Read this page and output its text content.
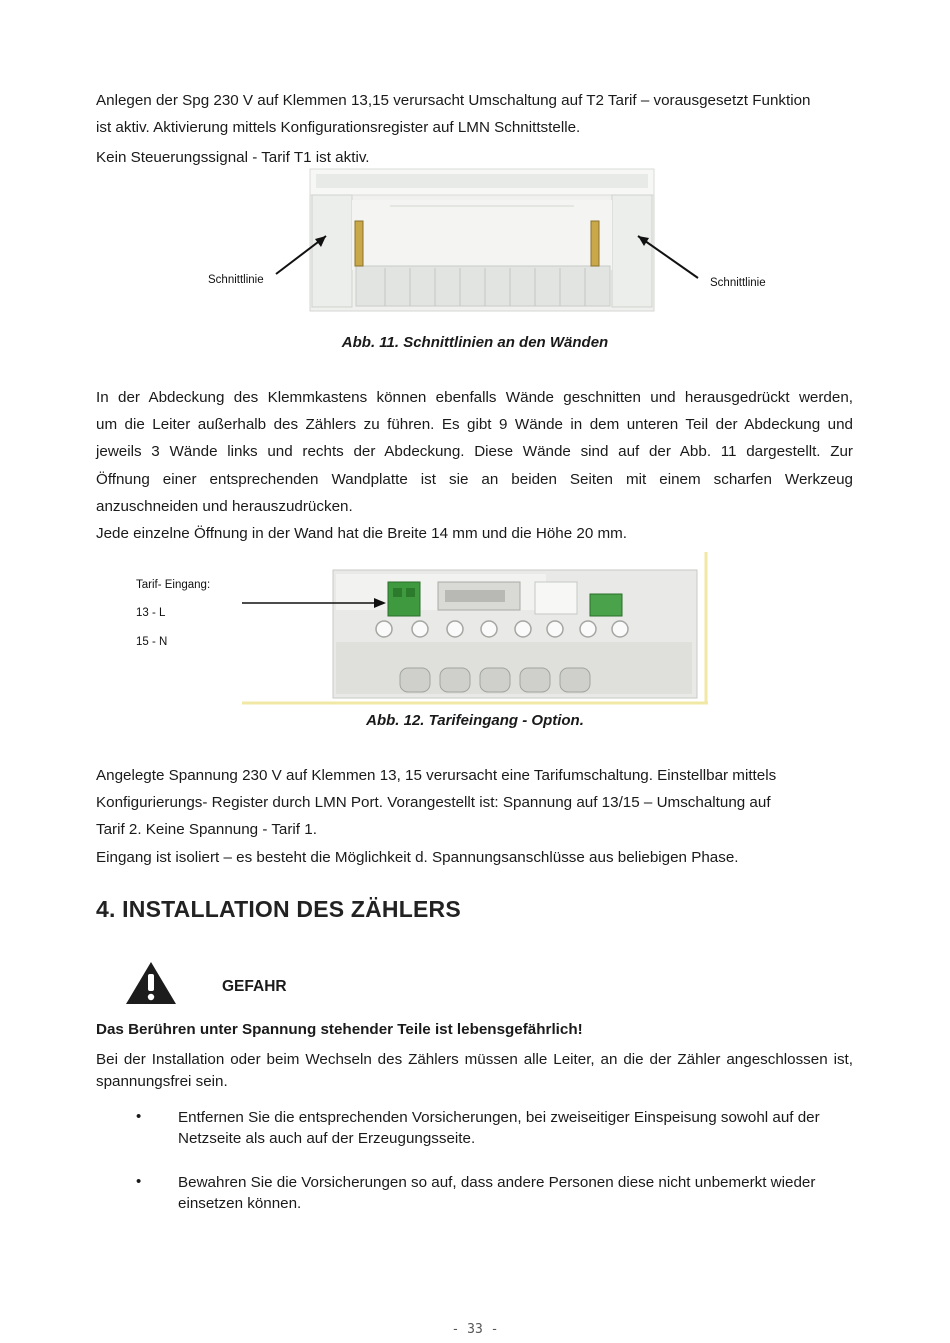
Anlegen der Spg 230 V auf Klemmen 13,15 verursacht Umschaltung auf T2 Tarif – vorausgesetzt Funktion

ist aktiv. Aktivierung mittels Konfigurationsregister auf LMN Schnittstelle.

Kein Steuerungssignal - Tarif T1 ist aktiv.

Schnittlinie	Schnittlinie

Abb. 11. Schnittlinien an den Wänden

In der Abdeckung des Klemmkastens können ebenfalls Wände geschnitten und herausgedrückt werden,

um die Leiter außerhalb des Zählers zu führen. Es gibt 9 Wände in dem unteren Teil der Abdeckung und

jeweils 3 Wände links und rechts der Abdeckung. Diese Wände sind auf der Abb. 11 dargestellt. Zur

Öffnung einer entsprechenden Wandplatte ist sie an beiden Seiten mit einem scharfen Werkzeug

anzuschneiden und herauszudrücken.

Jede einzelne Öffnung in der Wand hat die Breite 14 mm und die Höhe 20 mm.

Tarif- Eingang:

13 - L

15 - N

Abb. 12. Tarifeingang - Option.

Angelegte Spannung 230 V auf Klemmen 13, 15 verursacht eine Tarifumschaltung. Einstellbar mittels

Konfigurierungs- Register durch LMN Port. Vorangestellt ist: Spannung auf 13/15 – Umschaltung auf

Tarif 2. Keine Spannung - Tarif 1.

Eingang ist isoliert – es besteht die Möglichkeit d. Spannungsanschlüsse aus beliebigen Phase.

4. INSTALLATION DES ZÄHLERS

GEFAHR

Das Berühren unter Spannung stehender Teile ist lebensgefährlich!

Bei der Installation oder beim Wechseln des Zählers müssen alle Leiter, an die der Zähler angeschlossen ist, spannungsfrei sein.

• Entfernen Sie die entsprechenden Vorsicherungen, bei zweiseitiger Einspeisung sowohl auf der Netzseite als auch auf der Erzeugungsseite.

• Bewahren Sie die Vorsicherungen so auf, dass andere Personen diese nicht unbemerkt wieder einsetzen können.

- 33 -
